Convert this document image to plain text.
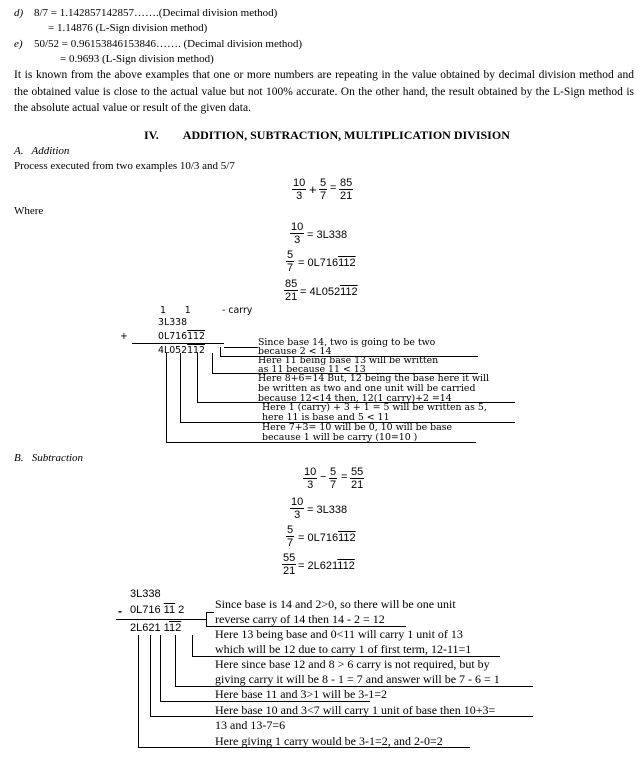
d) 8/7 = 1.142857142857…….(Decimal division method)
= 1.14876 (L-Sign division method)
e) 50/52 = 0.96153846153846……. (Decimal division method)
= 0.9693 (L-Sign division method)
It is known from the above examples that one or more numbers are repeating in the value obtained by decimal division method and the obtained value is close to the actual value but not 100% accurate. On the other hand, the result obtained by the L-Sign method is the absolute actual value or result of the given data.
IV.  ADDITION, SUBTRACTION, MULTIPLICATION DIVISION
A.  Addition
Process executed from two examples 10/3 and 5/7
$\frac{10}{3} + \frac{5}{7} = \frac{85}{21}$
Where
$\frac{10}{3} = 3L338$
$\frac{5}{7} = 0L716112$
$\frac{85}{21} = 4L052112$
1  1	- carry
3L338
+	0L716112
4L052112
Since base 14, two is going to be two
because 2 < 14
Here 11 being base 13 will be written
as 11 because 11 < 13
Here 8+6=14 But, 12 being the base here it will
be written as two and one unit will be carried
because 12<14 then, 12(1 carry)+2 =14
Here 1 (carry) + 3 + 1 = 5 will be written as 5,
here 11 is base and 5 < 11
Here 7+3= 10 will be 0, 10 will be base
because 1 will be carry (10=10 )
B.  Subtraction
$\frac{10}{3} - \frac{5}{7} = \frac{55}{21}$
$\frac{10}{3} = 3L338$
$\frac{5}{7} = 0L716112$
$\frac{55}{21} = 2L621112$
3L338
- 0L716 11 2
2L621 112
Since base is 14 and 2>0, so there will be one unit
reverse carry of 14 then 14 - 2 = 12
Here 13 being base and 0<11 will carry 1 unit of 13
which will be 12 due to carry 1 of first term, 12-11=1
Here since base 12 and 8 > 6 carry is not required, but by
giving carry it will be 8 - 1 = 7 and answer will be 7 - 6 = 1
Here base 11 and 3>1 will be 3-1=2
Here base 10 and 3<7 will carry 1 unit of base then 10+3=
13 and 13-7=6
Here giving 1 carry would be 3-1=2, and 2-0=2
